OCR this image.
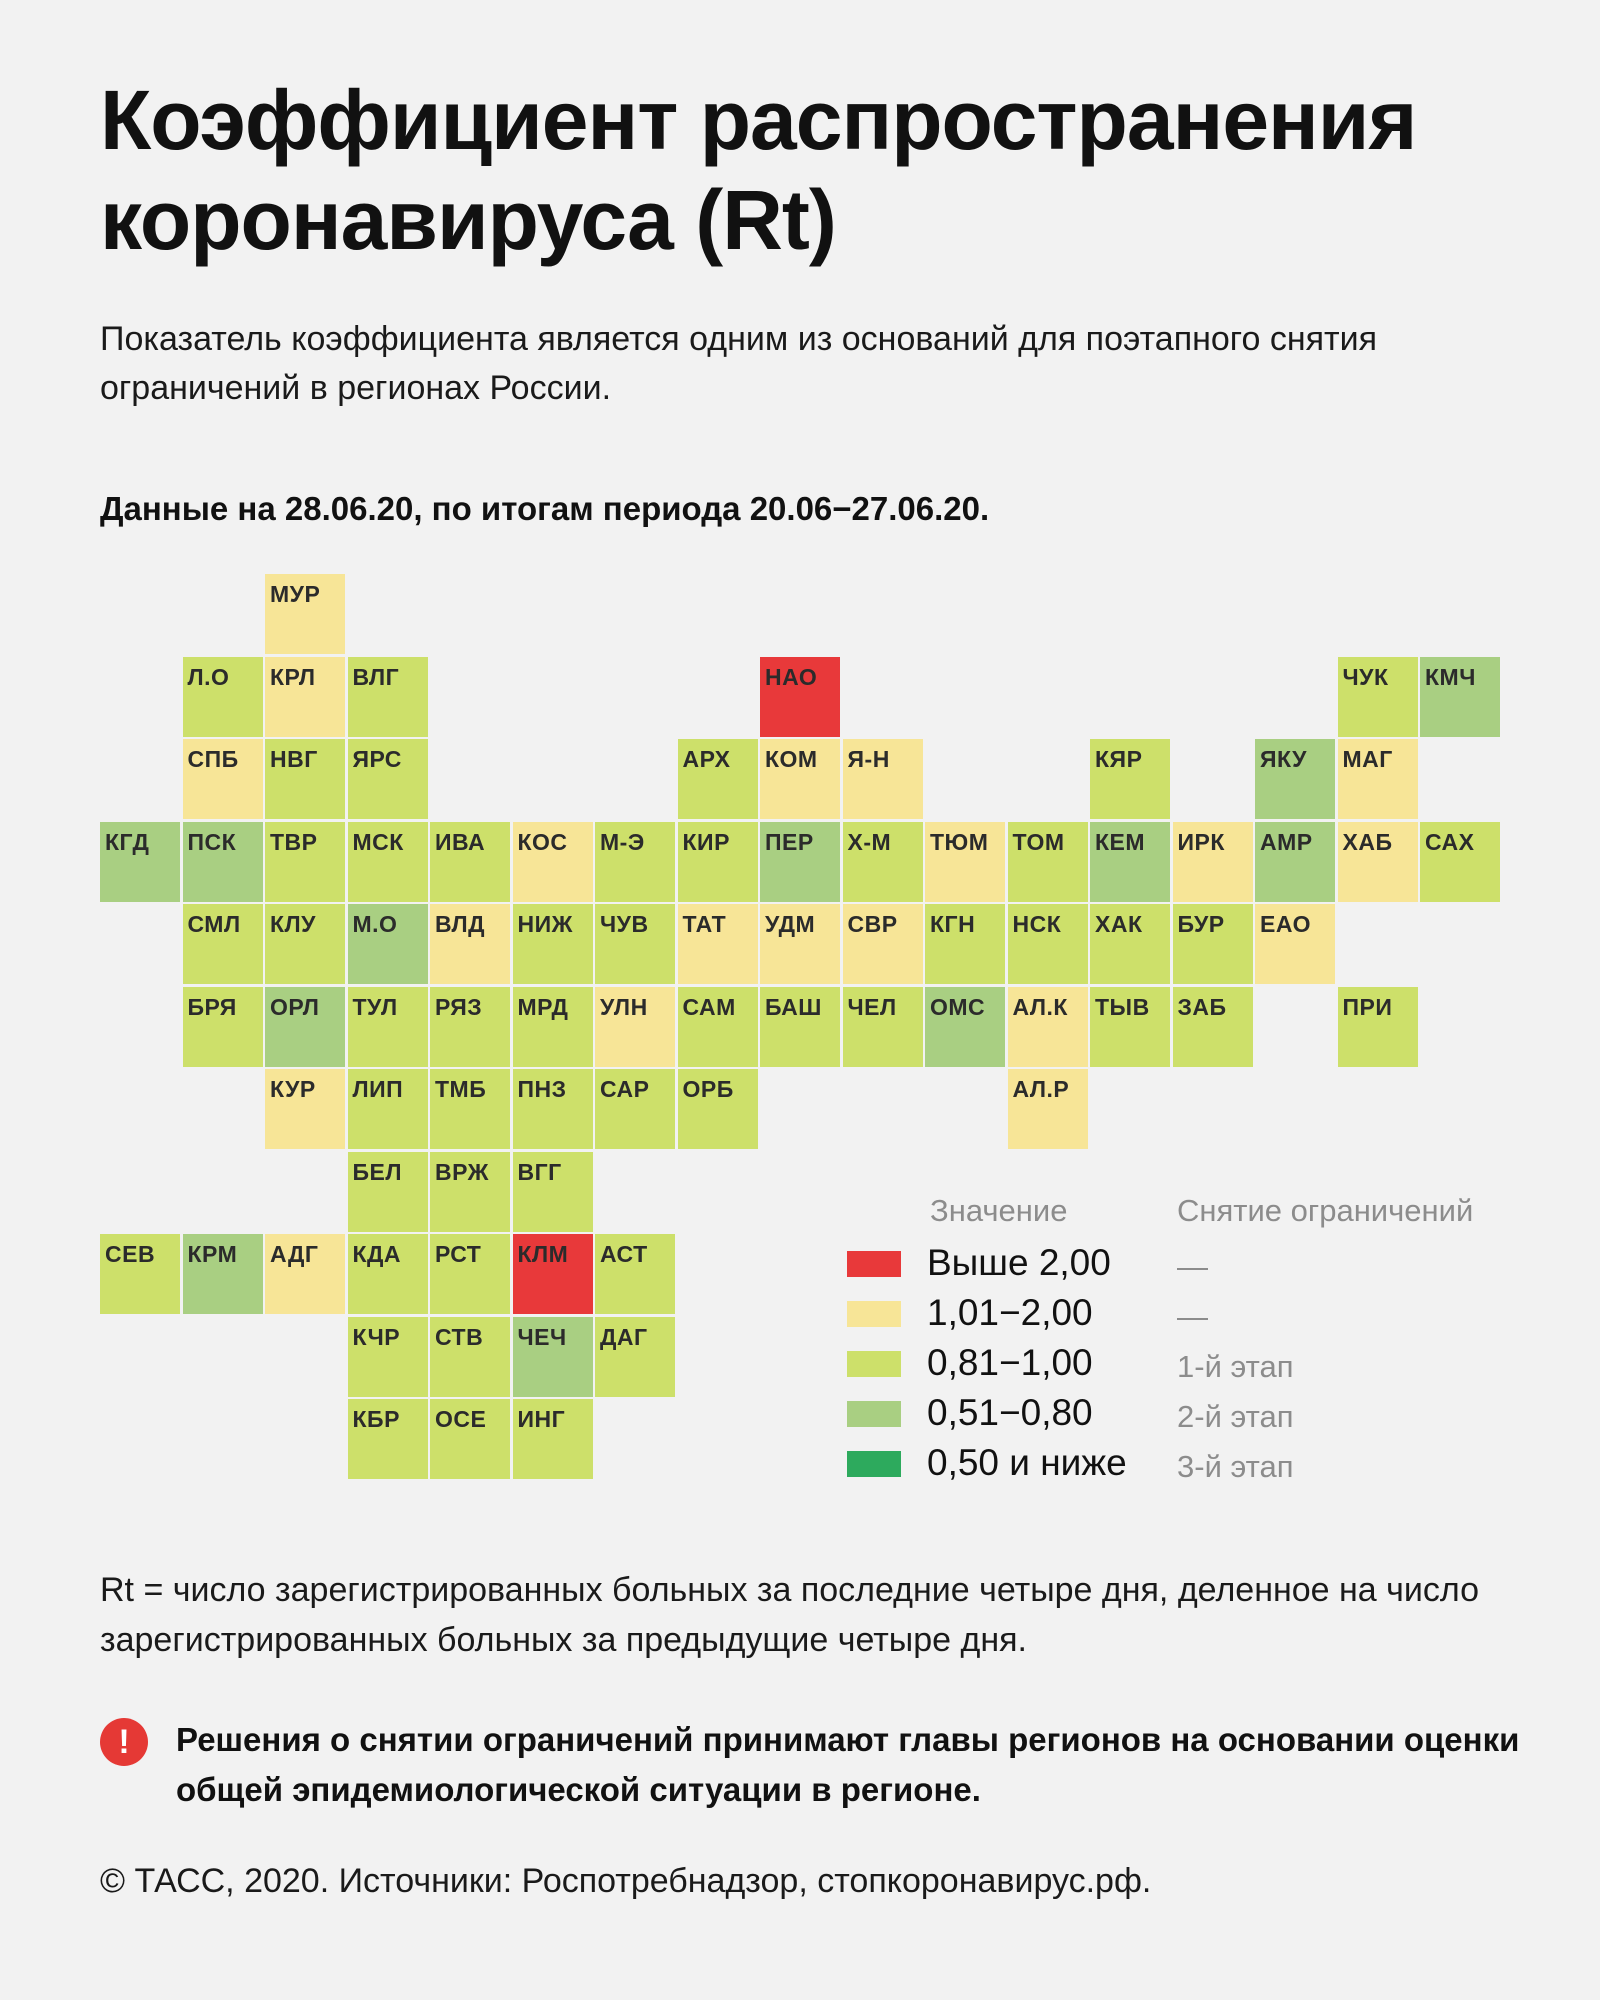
Коэффициент распространения коронавируса (Rt)

Показатель коэффициента является одним из оснований для поэтапного снятия ограничений в регионах России.

Данные на 28.06.20, по итогам периода 20.06−27.06.20.

МУР
Л.О	КРЛ	ВЛГ	НАО	ЧУК	КМЧ
СПБ	НВГ	ЯРС	АРХ	КОМ	Я-Н	КЯР	ЯКУ	МАГ
КГД	ПСК	ТВР	МСК	ИВА	КОС	М-Э	КИР	ПЕР	Х-М	ТЮМ	ТОМ	КЕМ	ИРК	АМР	ХАБ	САХ
СМЛ	КЛУ	М.О	ВЛД	НИЖ	ЧУВ	ТАТ	УДМ	СВР	КГН	НСК	ХАК	БУР	ЕАО
БРЯ	ОРЛ	ТУЛ	РЯЗ	МРД	УЛН	САМ	БАШ	ЧЕЛ	ОМС	АЛ.К	ТЫВ	ЗАБ	ПРИ
КУР	ЛИП	ТМБ	ПНЗ	САР	ОРБ	АЛ.Р
БЕЛ	ВРЖ	ВГГ
СЕВ	КРМ	АДГ	КДА	РСТ	КЛМ	АСТ
КЧР	СТВ	ЧЕЧ	ДАГ
КБР	ОСЕ	ИНГ
Значение	Снятие ограничений
Выше 2,00 —
1,01−2,00	—
0,81−1,00	1-й этап
0,51−0,80	2-й этап
0,50 и ниже 3-й этап

Rt = число зарегистрированных больных за последние четыре дня, деленное на число зарегистрированных больных за предыдущие четыре дня.

!	Решения о снятии ограничений принимают главы регионов на основании оценки общей эпидемиологической ситуации в регионе.

© ТАСС, 2020. Источники: Роспотребнадзор, стопкоронавирус.рф.
